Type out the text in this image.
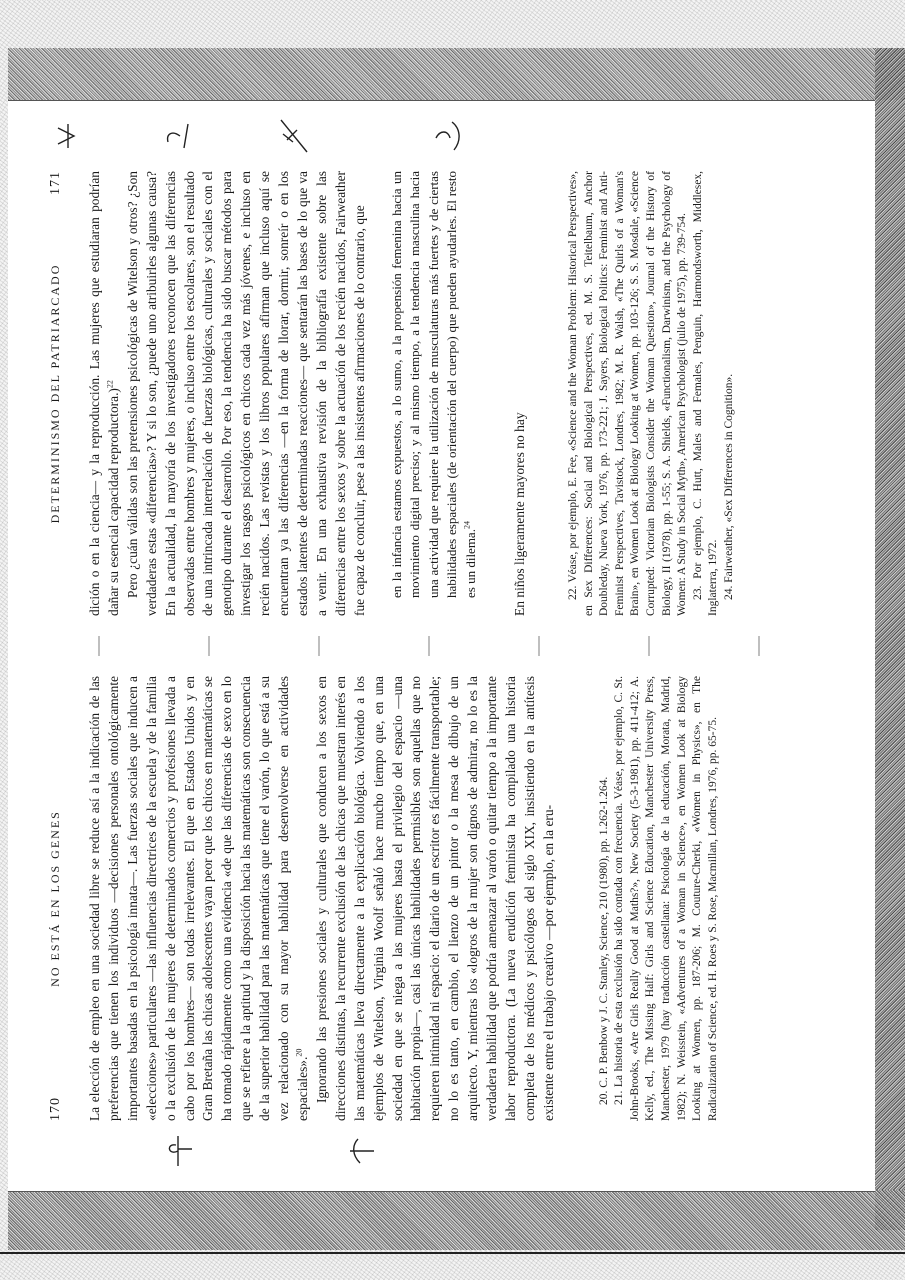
170
NO ESTÁ EN LOS GENES La elección de empleo en una sociedad libre se reduce así a la indicación de las preferencias que tienen los individuos —decisiones personales ontológicamente importantes basadas en la psicología innata—. Las fuerzas sociales que inducen a «elecciones» particulares —las influencias directrices de la escuela y de la familia o la exclusión de las mujeres de determinados comercios y profesiones llevada a cabo por los hombres— son todas irrelevantes. El que en Estados Unidos y en Gran Bretaña las chicas adolescentes vayan peor que los chicos en matemáticas se ha tomado rápidamente como una evidencia «de que las diferencias de sexo en lo que se refiere a la aptitud y la disposición hacia las matemáticas son consecuencia de la superior habilidad para las matemáticas que tiene el varón, lo que está a su vez relacionado con su mayor habilidad para desenvolverse en actividades espaciales».$^{20}$ Ignorando las presiones sociales y culturales que conducen a los sexos en direcciones distintas, la recurrente exclusión de las chicas que muestran interés en las matemáticas lleva directamente a la explicación biológica. Volviendo a los ejemplos de Witelson, Virginia Woolf señaló hace mucho tiempo que, en una sociedad en que se niega a las mujeres hasta el privilegio del espacio —una habitación propia—, casi las únicas habilidades permisibles son aquellas que no requieren intimidad ni espacio: el diario de un escritor es fácilmente transportable; no lo es tanto, en cambio, el lienzo de un pintor o la mesa de dibujo de un arquitecto. Y, mientras los «logros de la mujer son dignos de admirar, no lo es la verdadera habilidad que podría amenazar al varón o quitar tiempo a la importante labor reproductora. (La nueva erudición feminista ha compilado una historia completa de los médicos y psicólogos del siglo XIX, insistiendo en la antítesis existente entre el trabajo creativo —por ejemplo, en la eru-	20. C. P. Benbow y J. C. Stanley, Science, 210 (1980), pp. 1.262-1.264. 21. La historia de esta exclusión ha sido contada con frecuencia. Véase, por ejemplo, C. St. John-Brooks, «Are Girls Really Good at Maths?», New Society (5-3-1981), pp. 411-412; A. Kelly, ed., The Missing Half: Girls and Science Education, Manchester University Press, Manchester, 1979 (hay traducción castellana: Psicología de la educación, Morata, Madrid, 1982); N. Weisstein, «Adventures of a Woman in Science», en Women Look at Biology Looking at Women, pp. 187-206; M. Couture-Cherki, «Women in Physics», en The Radicalization of Science, ed. H. Roes y S. Rose, Macmillan, Londres, 1976, pp. 65-75.

DETERMINISMO DEL PATRIARCADO
171 dición o en la ciencia— y la reproducción. Las mujeres que estudiaran podrían dañar su esencial capacidad reproductora.)$^{22}$ Pero ¿cuán válidas son las pretensiones psicológicas de Witelson y otros? ¿Son verdaderas estas «diferencias»? Y si lo son, ¿puede uno atribuirles algunas causa? En la actualidad, la mayoría de los investigadores reconocen que las diferencias observadas entre hombres y mujeres, o incluso entre los escolares, son el resultado de una intrincada interrelación de fuerzas biológicas, culturales y sociales con el genotipo durante el desarrollo. Por eso, la tendencia ha sido buscar métodos para investigar los rasgos psicológicos en chicos cada vez más jóvenes, e incluso en recién nacidos. Las revistas y los libros populares afirman que incluso aquí se encuentran ya las diferencias —en la forma de llorar, dormir, sonreír o en los estados latentes de determinadas reacciones— que sentarán las bases de lo que va a venir. En una exhaustiva revisión de la bibliografía existente sobre las diferencias entre los sexos y sobre la actuación de los recién nacidos, Fairweather fue capaz de concluir, pese a las insistentes afirmaciones de lo contrario, que en la infancia estamos expuestos, a lo sumo, a la propensión femenina hacia un movimiento digital preciso; y al mismo tiempo, a la tendencia masculina hacia una actividad que requiere la utilización de musculaturas más fuertes y de ciertas habilidades espaciales (de orientación del cuerpo) que pueden ayudarles. El resto es un dilema.$^{24}$	En niños ligeramente mayores no hay	22. Véase, por ejemplo, E. Fee, «Science and the Woman Problem: Historical Perspectives», en Sex Differences: Social and Biological Perspectives, ed. M. S. Teitelbaum, Anchor Doubleday, Nueva York, 1976, pp. 173-221; J. Sayers, Biological Politics: Feminist and Anti-Feminist Perspectives, Tavistock, Londres, 1982; M. R. Walsh, «The Quirls of a Woman's Brain», en Women Look at Biology Looking at Women, pp. 103-126; S. S. Mosdale, «Science Corrupted: Victorian Biologists Consider the Woman Question», Journal of the History of Biology, II (1978), pp. 1-55; S. A. Shields, «Functionalism, Darwinism, and the Psychology of Women: A Study in Social Myth», American Psychologist (julio de 1975), pp. 739-754. 23. Por ejemplo, C. Hutt, Males and Females, Penguin, Harmondsworth, Middlesex, Inglaterra, 1972. 24. Fairweather, «Sex Differences in Cognition».
